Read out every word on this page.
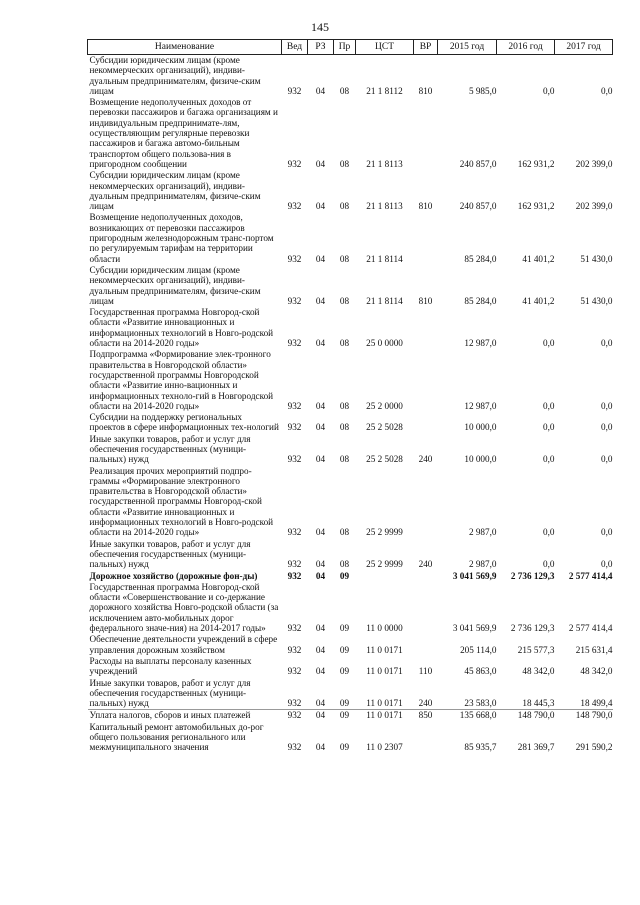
145
Наименование	Вед	РЗ	Пр	ЦСТ	ВР	2015 год	2016 год	2017 год
Субсидии юридическим лицам (кроме некоммерческих организаций), индиви-дуальным предпринимателям, физиче-ским лицам	932	04	08	21 1 8112	810	5 985,0	0,0	0,0
Возмещение недополученных доходов от перевозки пассажиров и багажа организациям и индивидуальным предпринимате-лям, осуществляющим регулярные перевозки пассажиров и багажа автомо-бильным транспортом общего пользова-ния в пригородном сообщении	932	04	08	21 1 8113		240 857,0	162 931,2	202 399,0
Субсидии юридическим лицам (кроме некоммерческих организаций), индиви-дуальным предпринимателям, физиче-ским лицам	932	04	08	21 1 8113	810	240 857,0	162 931,2	202 399,0
Возмещение недополученных доходов, возникающих от перевозки пассажиров пригородным железнодорожным транс-портом по регулируемым тарифам на территории области	932	04	08	21 1 8114		85 284,0	41 401,2	51 430,0
Субсидии юридическим лицам (кроме некоммерческих организаций), индиви-дуальным предпринимателям, физиче-ским лицам	932	04	08	21 1 8114	810	85 284,0	41 401,2	51 430,0
Государственная программа Новгород-ской области «Развитие инновационных и информационных технологий в Новго-родской области на 2014-2020 годы»	932	04	08	25 0 0000		12 987,0	0,0	0,0
Подпрограмма «Формирование элек-тронного правительства в Новгородской области» государственной программы Новгородской области «Развитие инно-вационных и информационных техноло-гий в Новгородской области на 2014-2020 годы»	932	04	08	25 2 0000		12 987,0	0,0	0,0
Субсидии на поддержку региональных проектов в сфере информационных тех-нологий	932	04	08	25 2 5028		10 000,0	0,0	0,0
Иные закупки товаров, работ и услуг для обеспечения государственных (муници-пальных) нужд	932	04	08	25 2 5028	240	10 000,0	0,0	0,0
Реализация прочих мероприятий подпро-граммы «Формирование электронного правительства в Новгородской области» государственной программы Новгород-ской области «Развитие инновационных и информационных технологий в Новго-родской области на 2014-2020 годы»	932	04	08	25 2 9999		2 987,0	0,0	0,0
Иные закупки товаров, работ и услуг для обеспечения государственных (муници-пальных) нужд	932	04	08	25 2 9999	240	2 987,0	0,0	0,0
Дорожное хозяйство (дорожные фон-ды)	932	04	09			3 041 569,9	2 736 129,3	2 577 414,4
Государственная программа Новгород-ской области «Совершенствование и со-держание дорожного хозяйства Новго-родской области (за исключением авто-мобильных дорог федерального значе-ния) на 2014-2017 годы»	932	04	09	11 0 0000		3 041 569,9	2 736 129,3	2 577 414,4
Обеспечение деятельности учреждений в сфере управления дорожным хозяйством	932	04	09	11 0 0171		205 114,0	215 577,3	215 631,4
Расходы на выплаты персоналу казенных учреждений	932	04	09	11 0 0171	110	45 863,0	48 342,0	48 342,0
Иные закупки товаров, работ и услуг для обеспечения государственных (муници-пальных) нужд	932	04	09	11 0 0171	240	23 583,0	18 445,3	18 499,4
Уплата налогов, сборов и иных платежей	932	04	09	11 0 0171	850	135 668,0	148 790,0	148 790,0
Капитальный ремонт автомобильных до-рог общего пользования регионального или межмуниципального значения	932	04	09	11 0 2307		85 935,7	281 369,7	291 590,2
